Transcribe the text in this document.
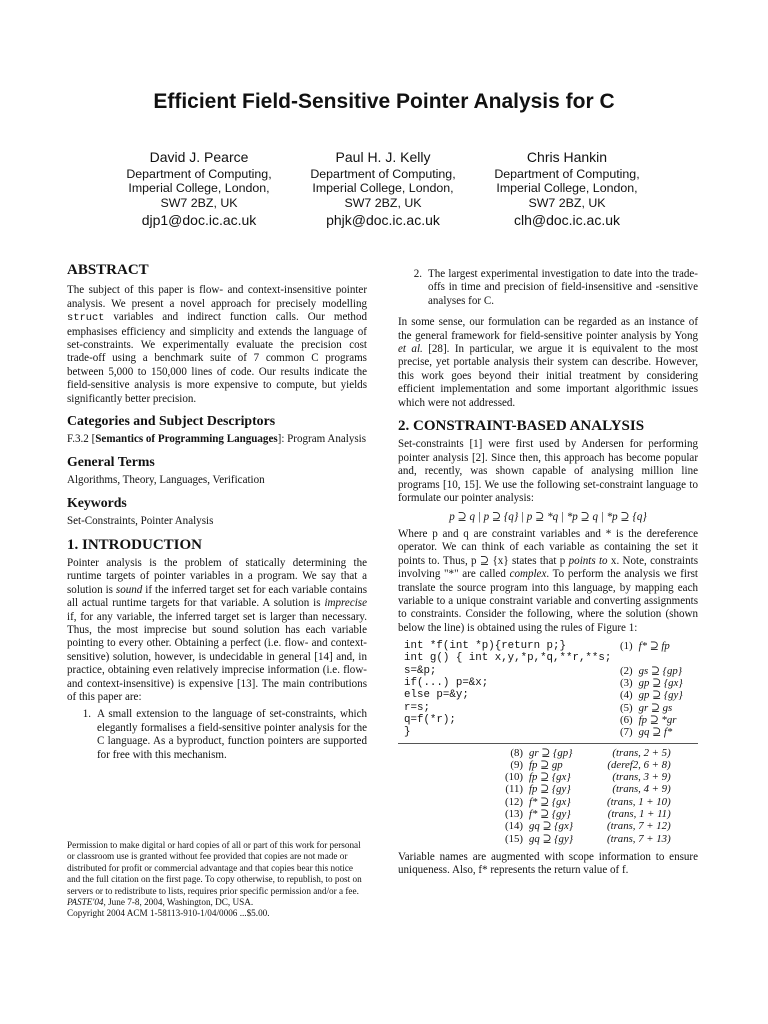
Efficient Field-Sensitive Pointer Analysis for C
David J. Pearce
Department of Computing,
Imperial College, London,
SW7 2BZ, UK
djp1@doc.ic.ac.uk
Paul H. J. Kelly
Department of Computing,
Imperial College, London,
SW7 2BZ, UK
phjk@doc.ic.ac.uk
Chris Hankin
Department of Computing,
Imperial College, London,
SW7 2BZ, UK
clh@doc.ic.ac.uk
ABSTRACT

The subject of this paper is flow- and context-insensitive pointer analysis. We present a novel approach for precisely modelling struct variables and indirect function calls. Our method emphasises efficiency and simplicity and extends the language of set-constraints. We experimentally evaluate the precision cost trade-off using a benchmark suite of 7 common C programs between 5,000 to 150,000 lines of code. Our results indicate the field-sensitive analysis is more expensive to compute, but yields significantly better precision.

Categories and Subject Descriptors

F.3.2 [Semantics of Programming Languages]: Program Analysis

General Terms

Algorithms, Theory, Languages, Verification

Keywords

Set-Constraints, Pointer Analysis

1. INTRODUCTION

Pointer analysis is the problem of statically determining the runtime targets of pointer variables in a program. We say that a solution is sound if the inferred target set for each variable contains all actual runtime targets for that variable. A solution is imprecise if, for any variable, the inferred target set is larger than necessary. Thus, the most imprecise but sound solution has each variable pointing to every other. Obtaining a perfect (i.e. flow- and context-sensitive) solution, however, is undecidable in general [14] and, in practice, obtaining even relatively imprecise information (i.e. flow- and context-insensitive) is expensive [13]. The main contributions of this paper are:

1. A small extension to the language of set-constraints, which elegantly formalises a field-sensitive pointer analysis for the C language. As a byproduct, function pointers are supported for free with this mechanism.
Permission to make digital or hard copies of all or part of this work for personal or classroom use is granted without fee provided that copies are not made or distributed for profit or commercial advantage and that copies bear this notice and the full citation on the first page. To copy otherwise, to republish, to post on servers or to redistribute to lists, requires prior specific permission and/or a fee.
PASTE'04, June 7-8, 2004, Washington, DC, USA.
Copyright 2004 ACM 1-58113-910-1/04/0006 ...$5.00.
2. The largest experimental investigation to date into the trade-offs in time and precision of field-insensitive and -sensitive analyses for C.

In some sense, our formulation can be regarded as an instance of the general framework for field-sensitive pointer analysis by Yong et al. [28]. In particular, we argue it is equivalent to the most precise, yet portable analysis their system can describe. However, this work goes beyond their initial treatment by considering efficient implementation and some important algorithmic issues which were not addressed.

2. CONSTRAINT-BASED ANALYSIS

Set-constraints [1] were first used by Andersen for performing pointer analysis [2]. Since then, this approach has become popular and, recently, was shown capable of analysing million line programs [10, 15]. We use the following set-constraint language to formulate our pointer analysis:

p ⊇ q | p ⊇ {q} | p ⊇ *q | *p ⊇ q | *p ⊇ {q}

Where p and q are constraint variables and * is the dereference operator. We can think of each variable as containing the set it points to. Thus, p ⊇ {x} states that p points to x. Note, constraints involving "*" are called complex. To perform the analysis we first translate the source program into this language, by mapping each variable to a unique constraint variable and converting assignments to constraints. Consider the following, where the solution (shown below the line) is obtained using the rules of Figure 1:

int *f(int *p){return p;}	(1)	f* ⊇ fp
int g() { int x,y,*p,*q,**r,**s;		
s=&p;	(2)	gs ⊇ {gp}
if(...) p=&x;	(3)	gp ⊇ {gx}
else p=&y;	(4)	gp ⊇ {gy}
r=s;	(5)	gr ⊇ gs
q=f(*r);	(6)	fp ⊇ *gr
}	(7)	gq ⊇ f*
(8)	gr ⊇ {gp}	(trans, 2 + 5)
(9)	fp ⊇ gp	(deref2, 6 + 8)
(10)	fp ⊇ {gx}	(trans, 3 + 9)
(11)	fp ⊇ {gy}	(trans, 4 + 9)
(12)	f* ⊇ {gx}	(trans, 1 + 10)
(13)	f* ⊇ {gy}	(trans, 1 + 11)
(14)	gq ⊇ {gx}	(trans, 7 + 12)
(15)	gq ⊇ {gy}	(trans, 7 + 13)

Variable names are augmented with scope information to ensure uniqueness. Also, f* represents the return value of f.
